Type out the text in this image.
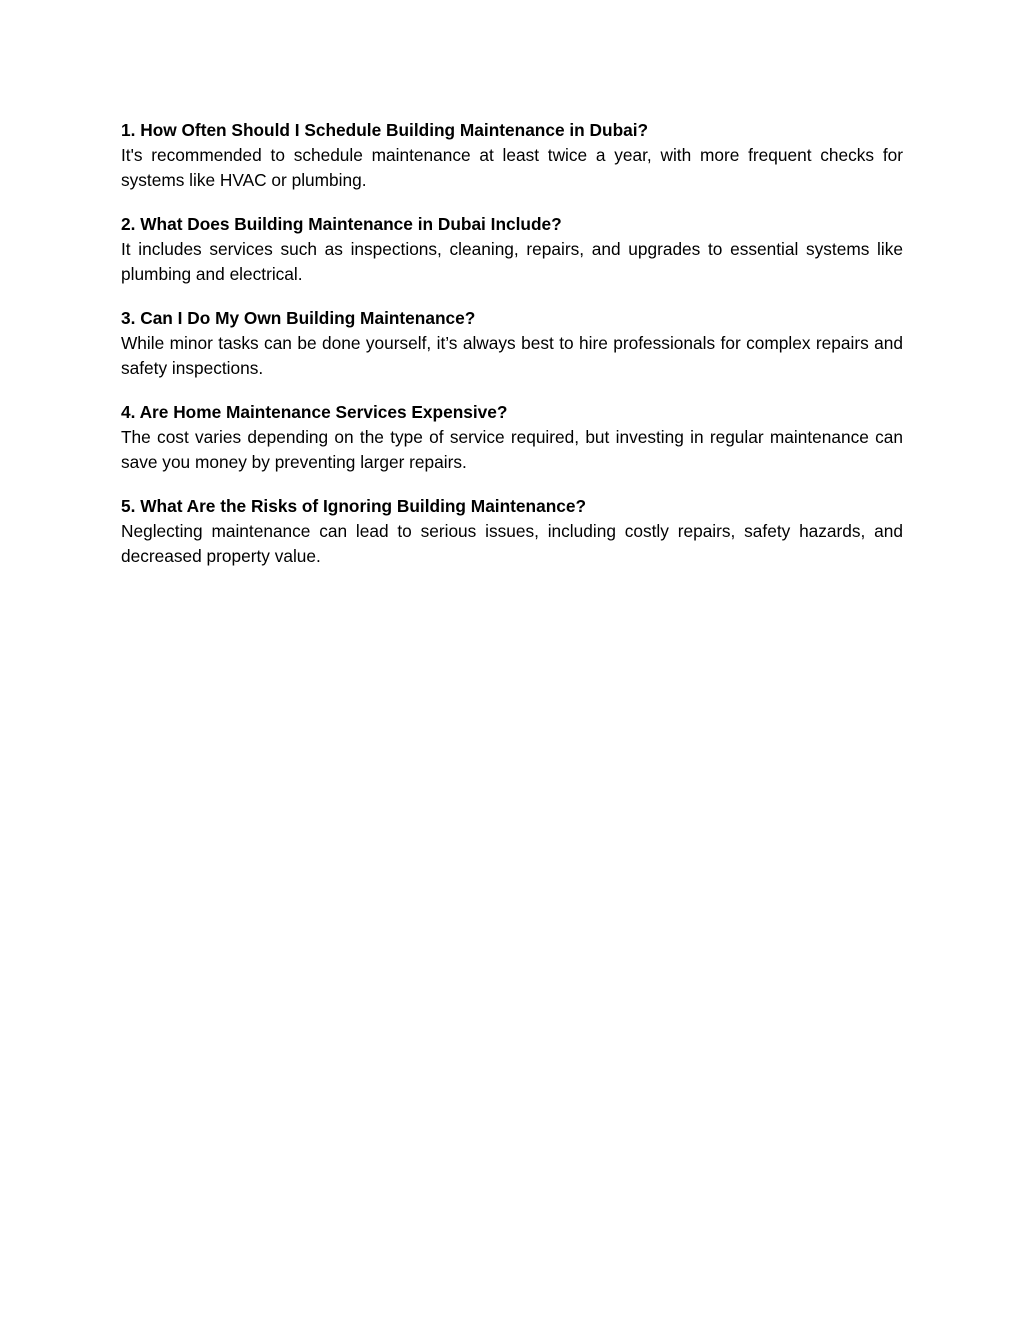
1. How Often Should I Schedule Building Maintenance in Dubai?

It's recommended to schedule maintenance at least twice a year, with more frequent checks for systems like HVAC or plumbing.

2. What Does Building Maintenance in Dubai Include?

It includes services such as inspections, cleaning, repairs, and upgrades to essential systems like plumbing and electrical.

3. Can I Do My Own Building Maintenance?

While minor tasks can be done yourself, it’s always best to hire professionals for complex repairs and safety inspections.

4. Are Home Maintenance Services Expensive?

The cost varies depending on the type of service required, but investing in regular maintenance can save you money by preventing larger repairs.

5. What Are the Risks of Ignoring Building Maintenance?

Neglecting maintenance can lead to serious issues, including costly repairs, safety hazards, and decreased property value.
